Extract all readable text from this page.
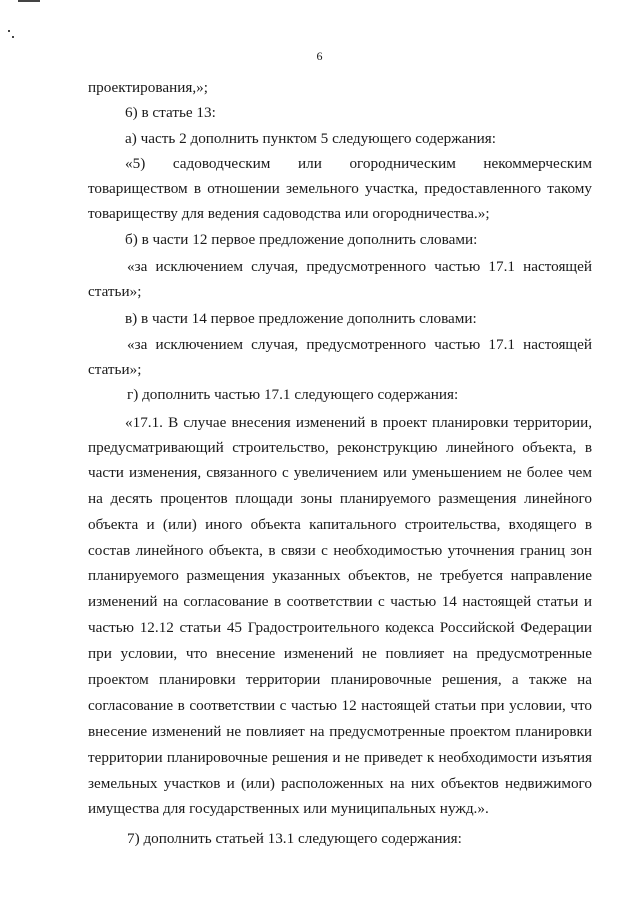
6
проектирования,»;
6) в статье 13:
а) часть 2 дополнить пунктом 5 следующего содержания:
«5) садоводческим или огородническим некоммерческим
товариществом в отношении земельного участка, предоставленного такому
товариществу для ведения садоводства или огородничества.»;
б) в части 12 первое предложение дополнить словами:
«за исключением случая, предусмотренного частью 17.1 настоящей
статьи»;
в) в части 14 первое предложение дополнить словами:
«за исключением случая, предусмотренного частью 17.1 настоящей
статьи»;
г) дополнить частью 17.1 следующего содержания:
«17.1. В случае внесения изменений в проект планировки территории,
предусматривающий строительство, реконструкцию линейного объекта, в
части изменения, связанного с увеличением или уменьшением не более чем
на десять процентов площади зоны планируемого размещения линейного
объекта и (или) иного объекта капитального строительства, входящего в
состав линейного объекта, в связи с необходимостью уточнения границ зон
планируемого размещения указанных объектов, не требуется направление
изменений на согласование в соответствии с частью 14 настоящей статьи и
частью 12.12 статьи 45 Градостроительного кодекса Российской Федерации
при условии, что внесение изменений не повлияет на предусмотренные
проектом планировки территории планировочные решения, а также на
согласование в соответствии с частью 12 настоящей статьи при условии, что
внесение изменений не повлияет на предусмотренные проектом планировки
территории планировочные решения и не приведет к необходимости изъятия
земельных участков и (или) расположенных на них объектов недвижимого
имущества для государственных или муниципальных нужд.».
7) дополнить статьей 13.1 следующего содержания:
